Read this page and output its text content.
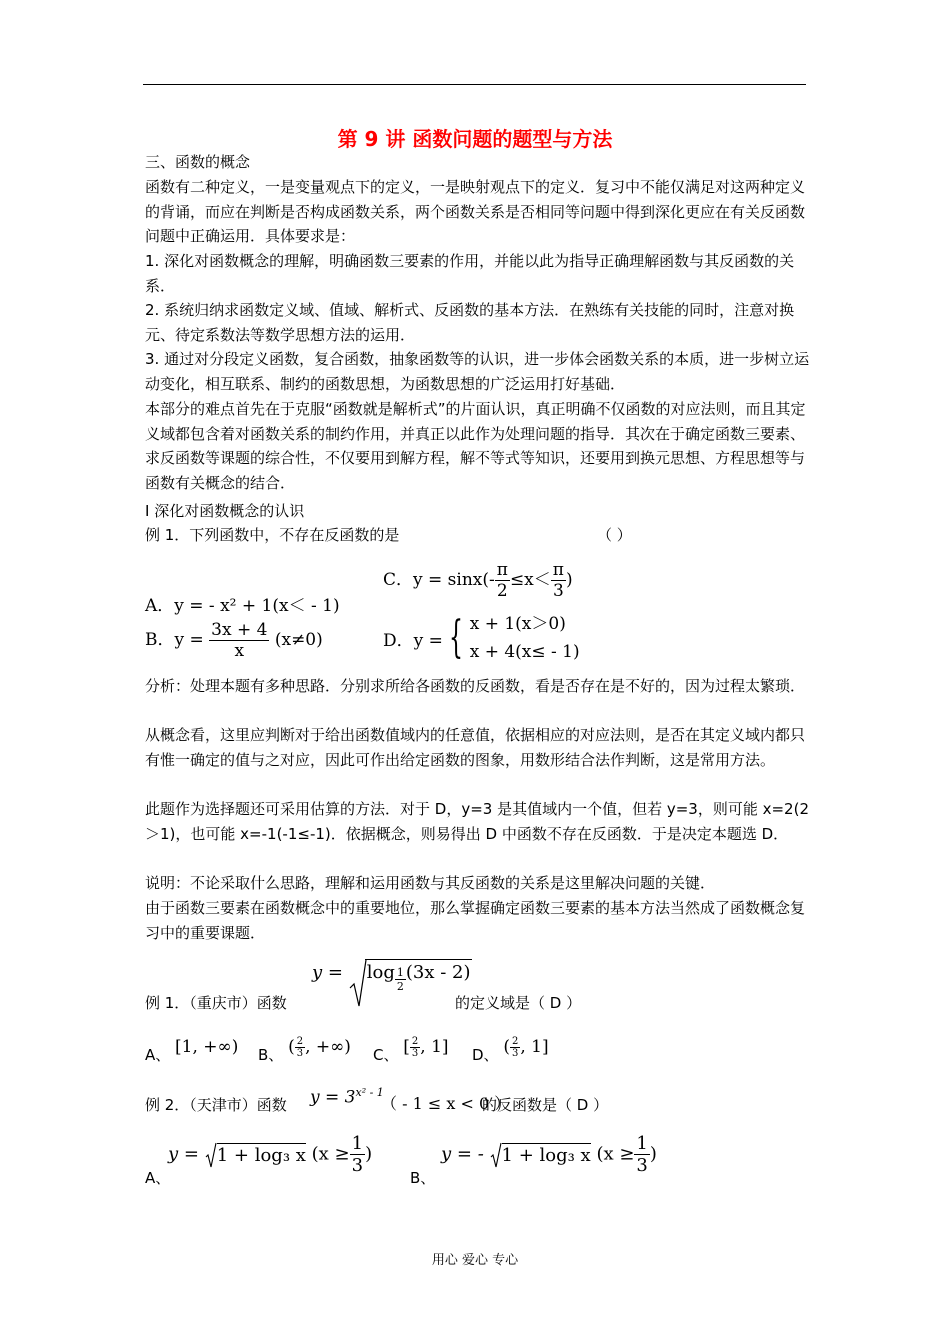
第 9 讲 函数问题的题型与方法
三、函数的概念
函数有二种定义，一是变量观点下的定义，一是映射观点下的定义．复习中不能仅满足对这两种定义的背诵，而应在判断是否构成函数关系，两个函数关系是否相同等问题中得到深化更应在有关反函数问题中正确运用．具体要求是：
1. 深化对函数概念的理解，明确函数三要素的作用，并能以此为指导正确理解函数与其反函数的关系．
2. 系统归纳求函数定义域、值域、解析式、反函数的基本方法．在熟练有关技能的同时，注意对换元、待定系数法等数学思想方法的运用．
3. 通过对分段定义函数，复合函数，抽象函数等的认识，进一步体会函数关系的本质，进一步树立运动变化，相互联系、制约的函数思想，为函数思想的广泛运用打好基础．
本部分的难点首先在于克服“函数就是解析式”的片面认识，真正明确不仅函数的对应法则，而且其定义域都包含着对函数关系的制约作用，并真正以此作为处理问题的指导．其次在于确定函数三要素、求反函数等课题的综合性，不仅要用到解方程，解不等式等知识，还要用到换元思想、方程思想等与函数有关概念的结合．
Ⅰ 深化对函数概念的认识
例 1．下列函数中，不存在反函数的是	（ ）
A．y = - x² + 1(x＜ - 1)
B．$y = \frac{3x + 4}{x} (x\ne 0)$
C．$y = \sin x(- \frac{\pi}{2} \le x< \frac{\pi}{3}$ )
D．y = { x + 1(x＞0)
x + 4(x≤ - 1)
分析：处理本题有多种思路．分别求所给各函数的反函数，看是否存在是不好的，因为过程太繁琐．
从概念看，这里应判断对于给出函数值域内的任意值，依据相应的对应法则，是否在其定义域内都只有惟一确定的值与之对应，因此可作出给定函数的图象，用数形结合法作判断，这是常用方法。
此题作为选择题还可采用估算的方法．对于 D，y=3 是其值域内一个值，但若 y=3，则可能 x=2(2＞1)，也可能 x=-1(-1≤-1)．依据概念，则易得出 D 中函数不存在反函数．于是决定本题选 D．
说明：不论采取什么思路，理解和运用函数与其反函数的关系是这里解决问题的关键．
由于函数三要素在函数概念中的重要地位，那么掌握确定函数三要素的基本方法当然成了函数概念复习中的重要课题．
例 1．（重庆市）函数
$y = \log \frac{1}{2} (3x - 2)$
的定义域是（ D ）
A、 [1, +∞) B、 ( $\frac{2}{3}$ , +∞) C、 [ $\frac{2}{3}$ , 1] D、 ( $\frac{2}{3}$ , 1]
例 2．（天津市）函数 $y = 3^{x^2 - 1}$
（ - 1 ≤ x < 0 ）
的反函数是（ D ）
A、
y = 1 + log₃ x ($x \ge \frac{1}{3}$ )
B、
y = - 1 + log₃ x ($x \ge \frac{1}{3}$ )
用心 爱心 专心
